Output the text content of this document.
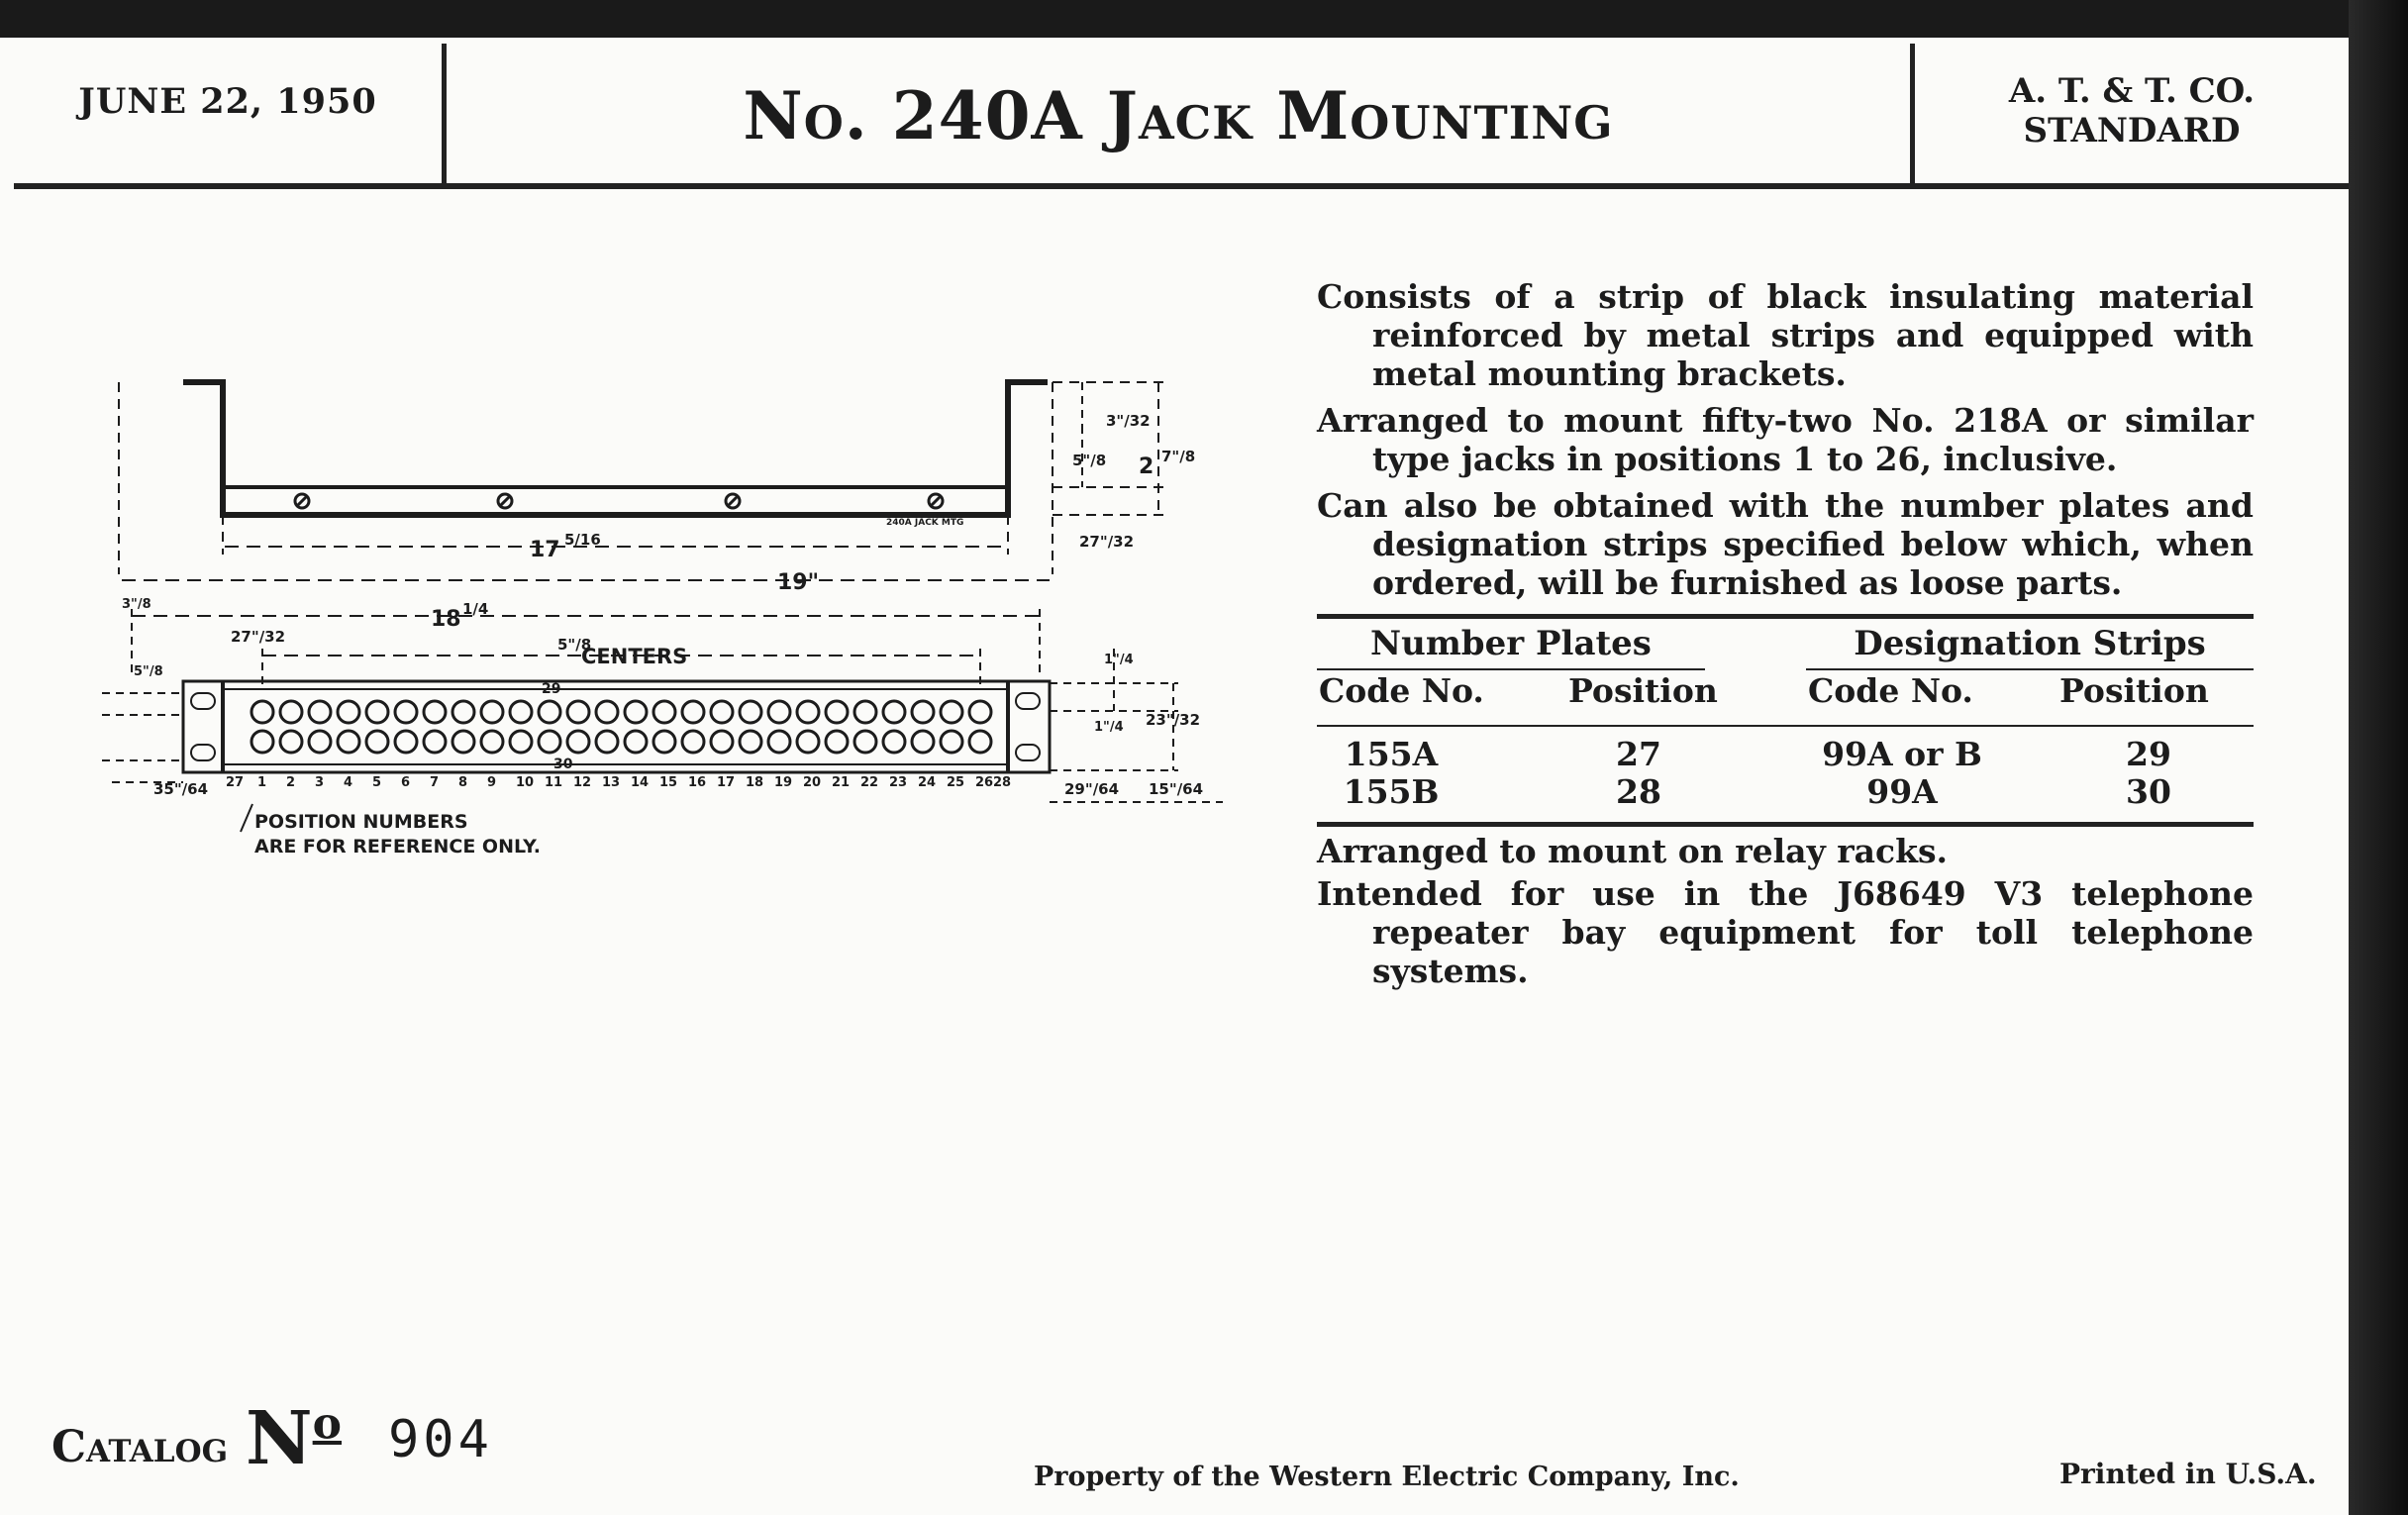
JUNE 22, 1950	No. 240A Jack Mounting	A. T. & T. CO.
STANDARD
Consists of a strip of black insulating material reinforced by metal strips and equipped with metal mounting brackets.
Arranged to mount fifty-two No. 218A or similar type jacks in positions 1 to 26, inclusive.
Can also be obtained with the number plates and designation strips specified below which, when ordered, will be furnished as loose parts.
Number Plates	Designation Strips
Code No.	Position	Code No.	Position
155A	27	99A or B	29
155B	28	99A	30
Arranged to mount on relay racks.
Intended for use in the J68649 V3 telephone repeater bay equipment for toll telephone systems.
1 2 3 4 5 6 7 8 9 10 11 12 13 14 15 16 17 18 19 20 21 22 23 24 25 26
240A JACK MTG
17 5/16
19"
18 1/4
5"/8
CENTERS
3"/32
5"/8 2 7"/8
27"/32
3"/8
27"/32
5"/8
1"/4
1"/4 23"/32
35"/64	29"/64 15"/64
27	28
29
30
POSITION NUMBERS
ARE FOR REFERENCE ONLY.
Catalog $N^o$ 904
Property of the Western Electric Company, Inc.	Printed in U.S.A.
